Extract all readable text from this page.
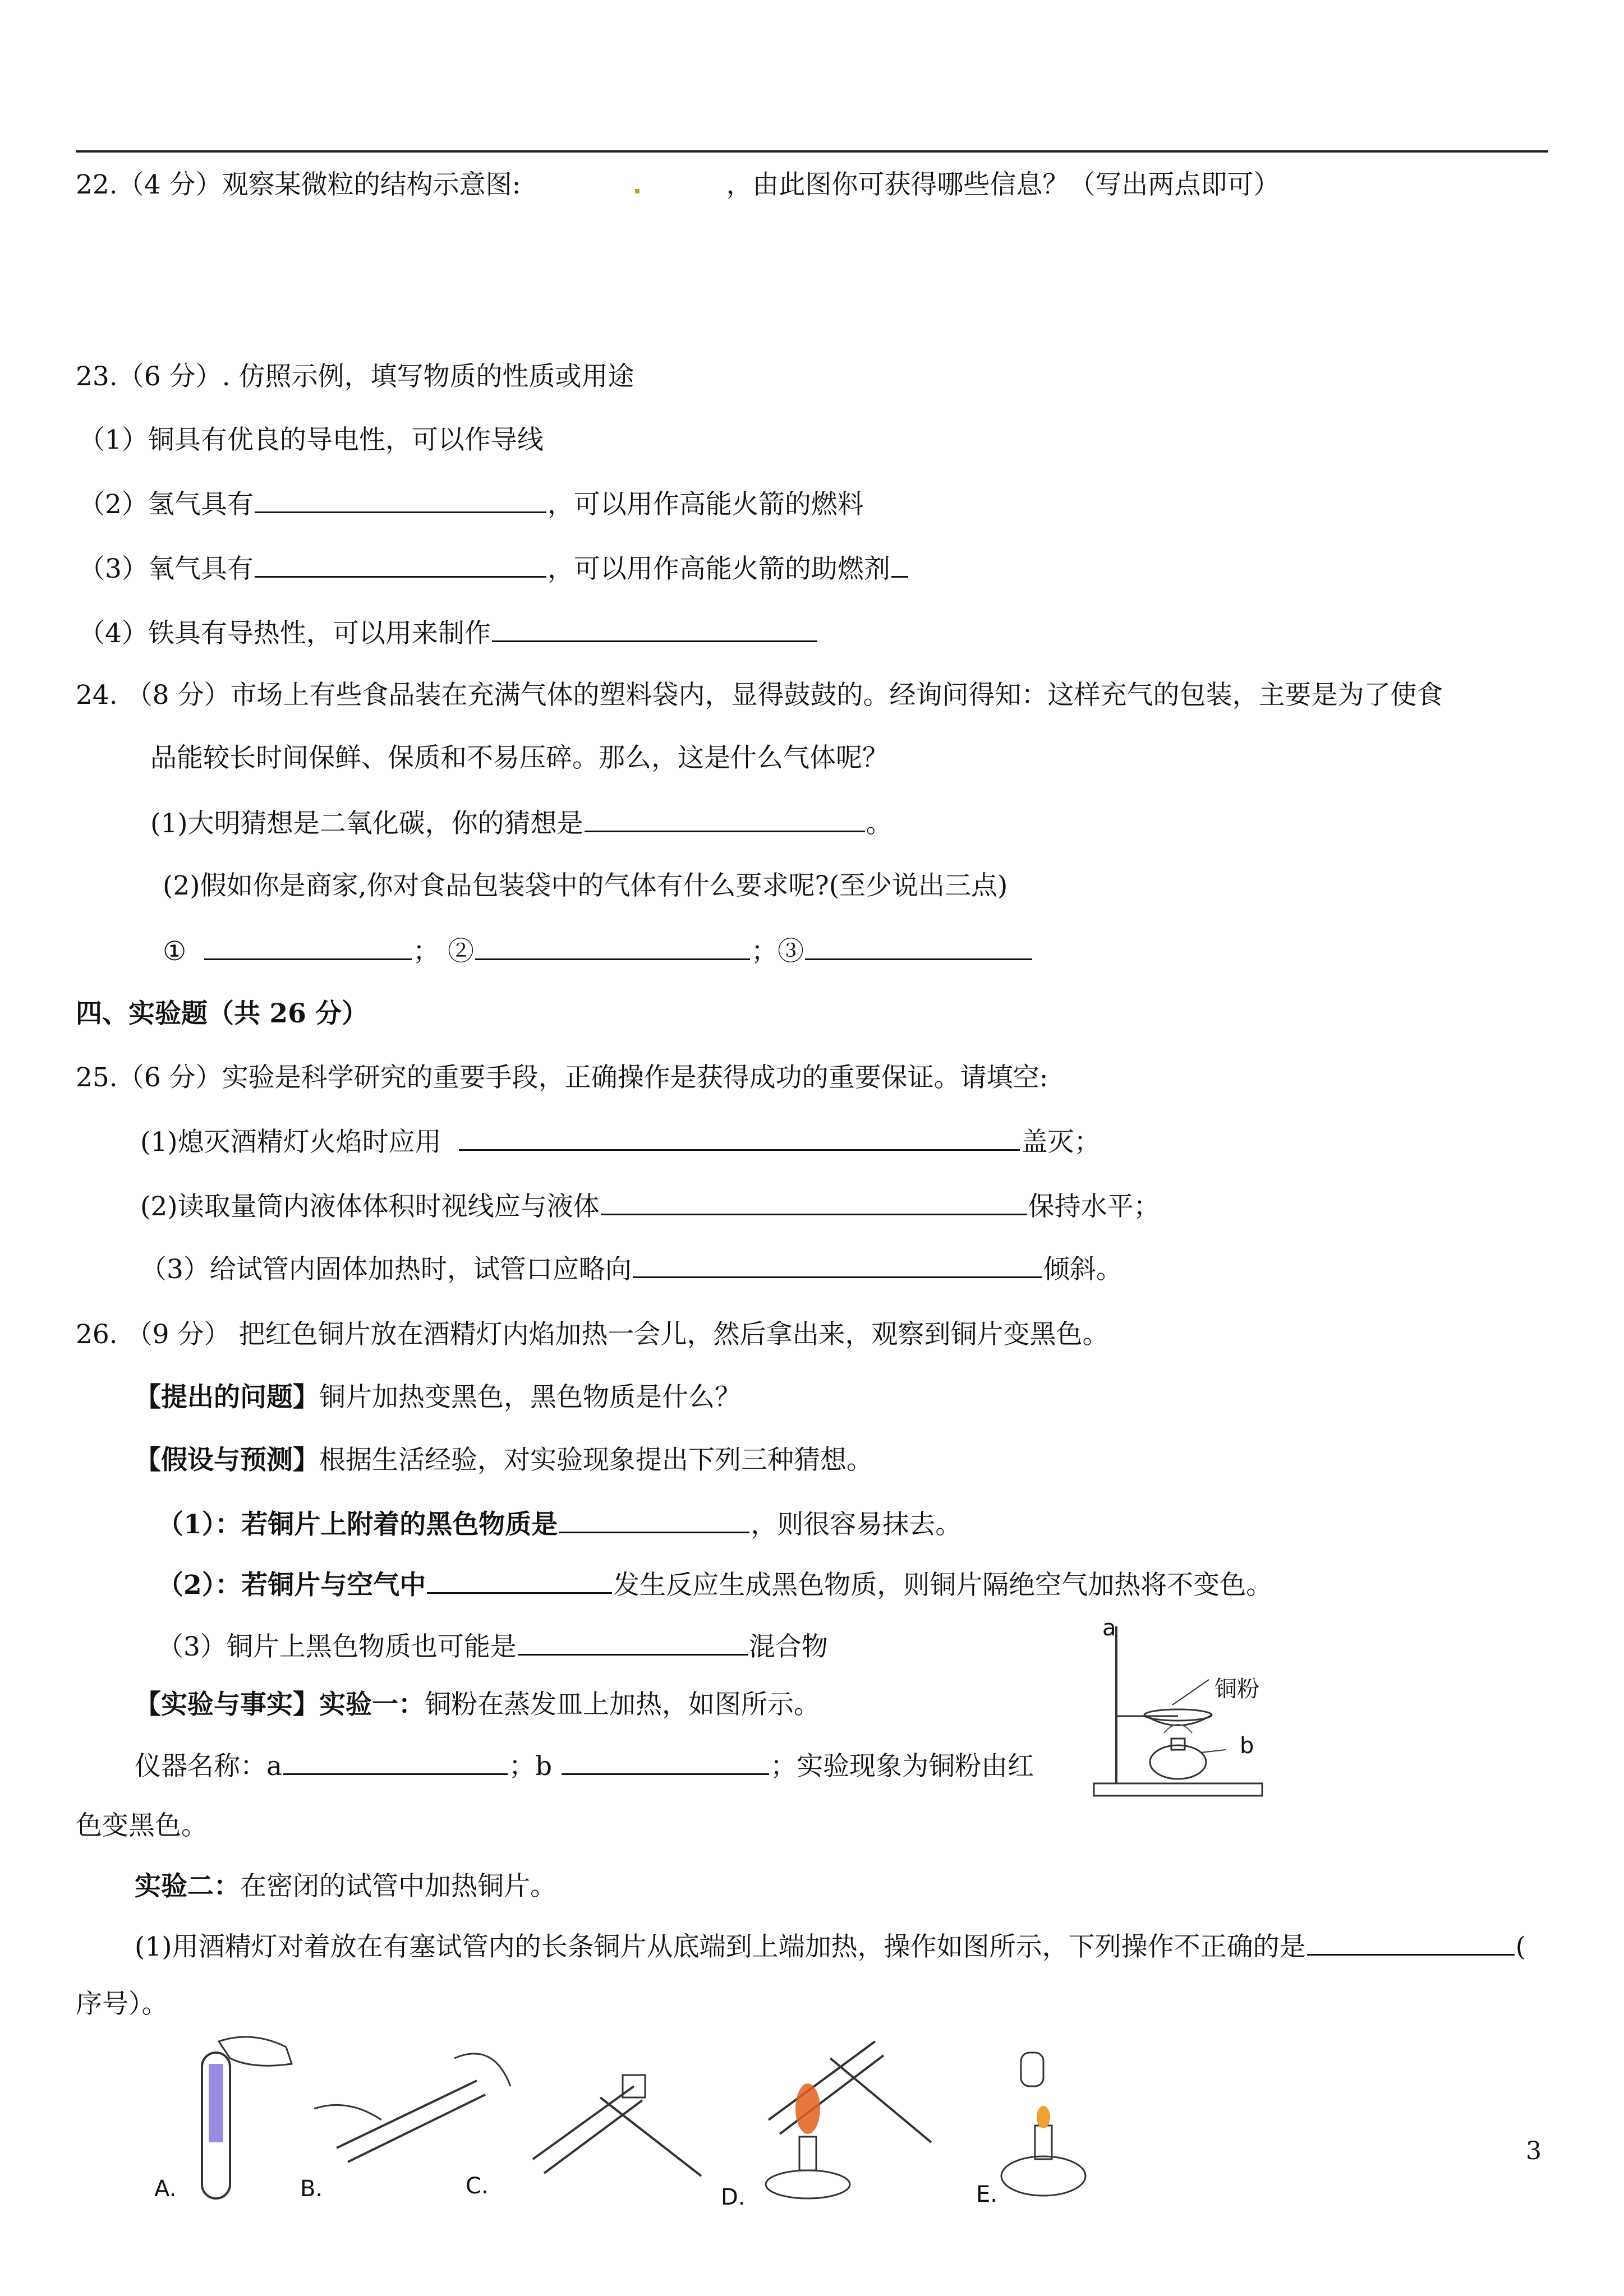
22.（4 分）观察某微粒的结构示意图:	，由此图你可获得哪些信息？（写出两点即可）
23.（6 分）. 仿照示例，填写物质的性质或用途
（1）铜具有优良的导电性，可以作导线
（2）氢气具有	，可以用作高能火箭的燃料
（3）氧气具有	，可以用作高能火箭的助燃剂
（4）铁具有导热性，可以用来制作
24. （8 分）市场上有些食品装在充满气体的塑料袋内，显得鼓鼓的。经询问得知：这样充气的包装，主要是为了使食
品能较长时间保鲜、保质和不易压碎。那么，这是什么气体呢？
(1)大明猜想是二氧化碳，你的猜想是	。
(2)假如你是商家,你对食品包装袋中的气体有什么要求呢?(至少说出三点)
①	； ②	；③
四、实验题（共 26 分）
25.（6 分）实验是科学研究的重要手段，正确操作是获得成功的重要保证。请填空:
(1)熄灭酒精灯火焰时应用	盖灭；
(2)读取量筒内液体体积时视线应与液体	保持水平；
（3）给试管内固体加热时，试管口应略向	倾斜。
26. （9 分） 把红色铜片放在酒精灯内焰加热一会儿，然后拿出来，观察到铜片变黑色。
【提出的问题】铜片加热变黑色，黑色物质是什么？
【假设与预测】根据生活经验，对实验现象提出下列三种猜想。
（1）：若铜片上附着的黑色物质是	，则很容易抹去。
（2）：若铜片与空气中	发生反应生成黑色物质，则铜片隔绝空气加热将不变色。
（3）铜片上黑色物质也可能是	混合物
【实验与事实】实验一：铜粉在蒸发皿上加热，如图所示。
仪器名称：a	；b	；实验现象为铜粉由红
色变黑色。
实验二：在密闭的试管中加热铜片。
(1)用酒精灯对着放在有塞试管内的长条铜片从底端到上端加热，操作如图所示，下列操作不正确的是	(
序号）。
a
铜粉
b
A.	B.	C.	D.	E.
3
